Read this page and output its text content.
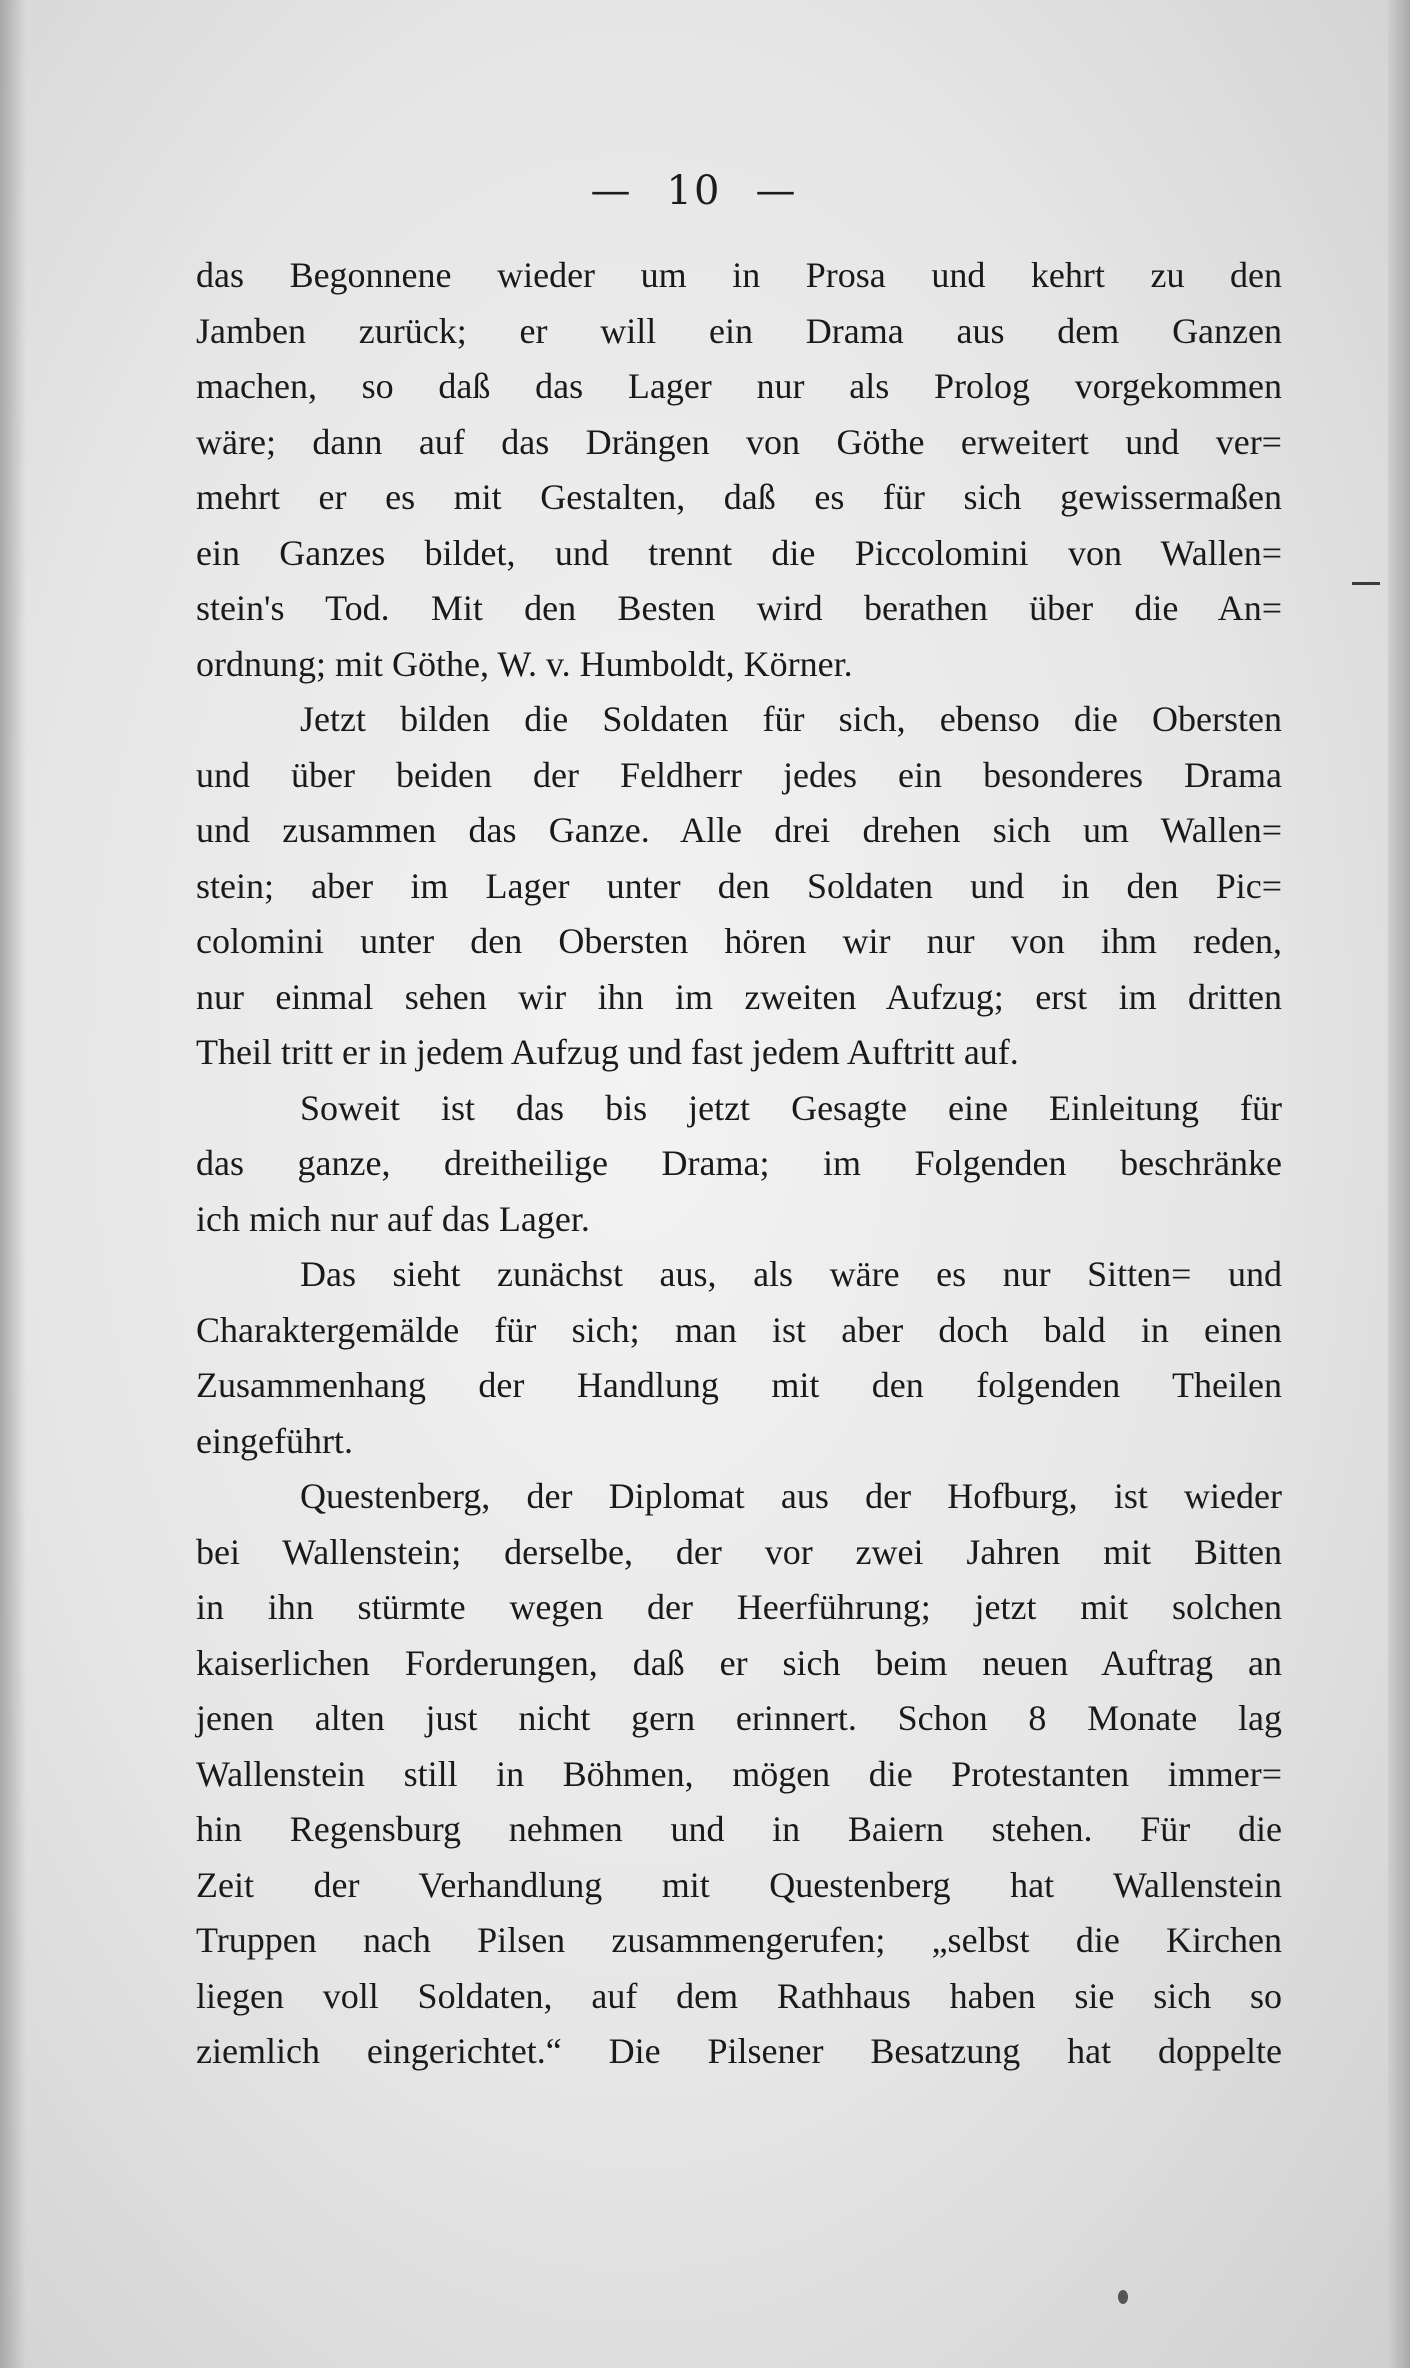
— 10 —
das Begonnene wieder um in Prosa und kehrt zu den
Jamben zurück; er will ein Drama aus dem Ganzen
machen, so daß das Lager nur als Prolog vorgekommen
wäre; dann auf das Drängen von Göthe erweitert und ver=
mehrt er es mit Gestalten, daß es für sich gewissermaßen
ein Ganzes bildet, und trennt die Piccolomini von Wallen=
stein's Tod. Mit den Besten wird berathen über die An=
ordnung; mit Göthe, W. v. Humboldt, Körner.
Jetzt bilden die Soldaten für sich, ebenso die Obersten
und über beiden der Feldherr jedes ein besonderes Drama
und zusammen das Ganze. Alle drei drehen sich um Wallen=
stein; aber im Lager unter den Soldaten und in den Pic=
colomini unter den Obersten hören wir nur von ihm reden,
nur einmal sehen wir ihn im zweiten Aufzug; erst im dritten
Theil tritt er in jedem Aufzug und fast jedem Auftritt auf.
Soweit ist das bis jetzt Gesagte eine Einleitung für
das ganze, dreitheilige Drama; im Folgenden beschränke
ich mich nur auf das Lager.
Das sieht zunächst aus, als wäre es nur Sitten= und
Charaktergemälde für sich; man ist aber doch bald in einen
Zusammenhang der Handlung mit den folgenden Theilen
eingeführt.
Questenberg, der Diplomat aus der Hofburg, ist wieder
bei Wallenstein; derselbe, der vor zwei Jahren mit Bitten
in ihn stürmte wegen der Heerführung; jetzt mit solchen
kaiserlichen Forderungen, daß er sich beim neuen Auftrag an
jenen alten just nicht gern erinnert. Schon 8 Monate lag
Wallenstein still in Böhmen, mögen die Protestanten immer=
hin Regensburg nehmen und in Baiern stehen. Für die
Zeit der Verhandlung mit Questenberg hat Wallenstein
Truppen nach Pilsen zusammengerufen; „selbst die Kirchen
liegen voll Soldaten, auf dem Rathhaus haben sie sich so
ziemlich eingerichtet.“ Die Pilsener Besatzung hat doppelte
